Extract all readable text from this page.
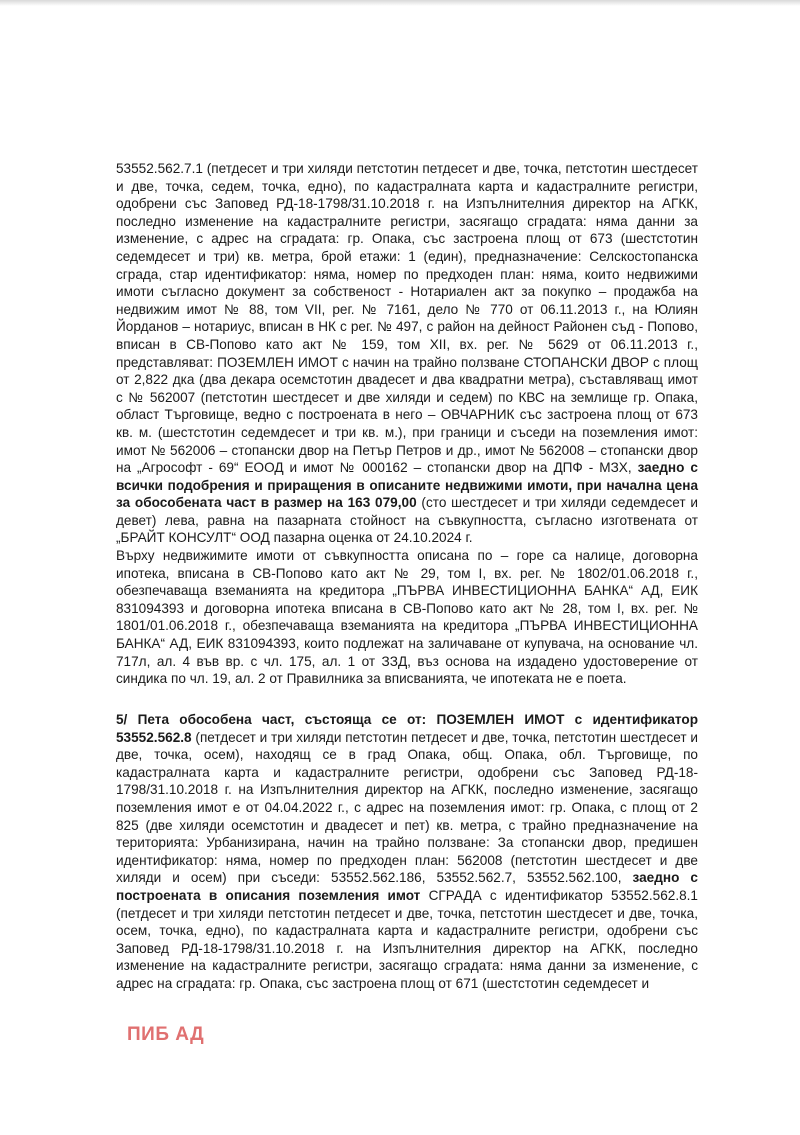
53552.562.7.1 (петдесет и три хиляди петстотин петдесет и две, точка, петстотин шестдесет и две, точка, седем, точка, едно), по кадастралната карта и кадастралните регистри, одобрени със Заповед РД-18-1798/31.10.2018 г. на Изпълнителния директор на АГКК, последно изменение на кадастралните регистри, засягащо сградата: няма данни за изменение, с адрес на сградата: гр. Опака, със застроена площ от 673 (шестстотин седемдесет и три) кв. метра, брой етажи: 1 (един), предназначение: Селскостопанска сграда, стар идентификатор: няма, номер по предходен план: няма, които недвижими имоти съгласно документ за собственост - Нотариален акт за покупко – продажба на недвижим имот № 88, том VII, рег. № 7161, дело № 770 от 06.11.2013 г., на Юлиян Йорданов – нотариус, вписан в НК с рег. № 497, с район на дейност Районен съд - Попово, вписан в СВ-Попово като акт № 159, том XII, вх. рег. № 5629 от 06.11.2013 г., представляват: ПОЗЕМЛЕН ИМОТ с начин на трайно ползване СТОПАНСКИ ДВОР с площ от 2,822 дка (два декара осемстотин двадесет и два квадратни метра), съставляващ имот с № 562007 (петстотин шестдесет и две хиляди и седем) по КВС на землище гр. Опака, област Търговище, ведно с построената в него – ОВЧАРНИК със застроена площ от 673 кв. м. (шестстотин седемдесет и три кв. м.), при граници и съседи на поземления имот: имот № 562006 – стопански двор на Петър Петров и др., имот № 562008 – стопански двор на „Агрософт - 69“ ЕООД и имот № 000162 – стопански двор на ДПФ - МЗХ, заедно с всички подобрения и приращения в описаните недвижими имоти, при начална цена за обособената част в размер на 163 079,00 (сто шестдесет и три хиляди седемдесет и девет) лева, равна на пазарната стойност на съвкупността, съгласно изготвената от „БРАЙТ КОНСУЛТ“ ООД пазарна оценка от 24.10.2024 г.

Върху недвижимите имоти от съвкупността описана по – горе са налице, договорна ипотека, вписана в СВ-Попово като акт № 29, том I, вх. рег. № 1802/01.06.2018 г., обезпечаваща вземанията на кредитора „ПЪРВА ИНВЕСТИЦИОННА БАНКА“ АД, ЕИК 831094393 и договорна ипотека вписана в СВ-Попово като акт № 28, том I, вх. рег. № 1801/01.06.2018 г., обезпечаваща вземанията на кредитора „ПЪРВА ИНВЕСТИЦИОННА БАНКА“ АД, ЕИК 831094393, които подлежат на заличаване от купувача, на основание чл. 717л, ал. 4 във вр. с чл. 175, ал. 1 от ЗЗД, въз основа на издадено удостоверение от синдика по чл. 19, ал. 2 от Правилника за вписванията, че ипотеката не е поета.

5/ Пета обособена част, състояща се от: ПОЗЕМЛЕН ИМОТ с идентификатор 53552.562.8 (петдесет и три хиляди петстотин петдесет и две, точка, петстотин шестдесет и две, точка, осем), находящ се в град Опака, общ. Опака, обл. Търговище, по кадастралната карта и кадастралните регистри, одобрени със Заповед РД-18-1798/31.10.2018 г. на Изпълнителния директор на АГКК, последно изменение, засягащо поземления имот е от 04.04.2022 г., с адрес на поземления имот: гр. Опака, с площ от 2 825 (две хиляди осемстотин и двадесет и пет) кв. метра, с трайно предназначение на територията: Урбанизирана, начин на трайно ползване: За стопански двор, предишен идентификатор: няма, номер по предходен план: 562008 (петстотин шестдесет и две хиляди и осем) при съседи: 53552.562.186, 53552.562.7, 53552.562.100, заедно с построената в описания поземления имот СГРАДА с идентификатор 53552.562.8.1 (петдесет и три хиляди петстотин петдесет и две, точка, петстотин шестдесет и две, точка, осем, точка, едно), по кадастралната карта и кадастралните регистри, одобрени със Заповед РД-18-1798/31.10.2018 г. на Изпълнителния директор на АГКК, последно изменение на кадастралните регистри, засягащо сградата: няма данни за изменение, с адрес на сградата: гр. Опака, със застроена площ от 671 (шестстотин седемдесет и

ПИБ АД
